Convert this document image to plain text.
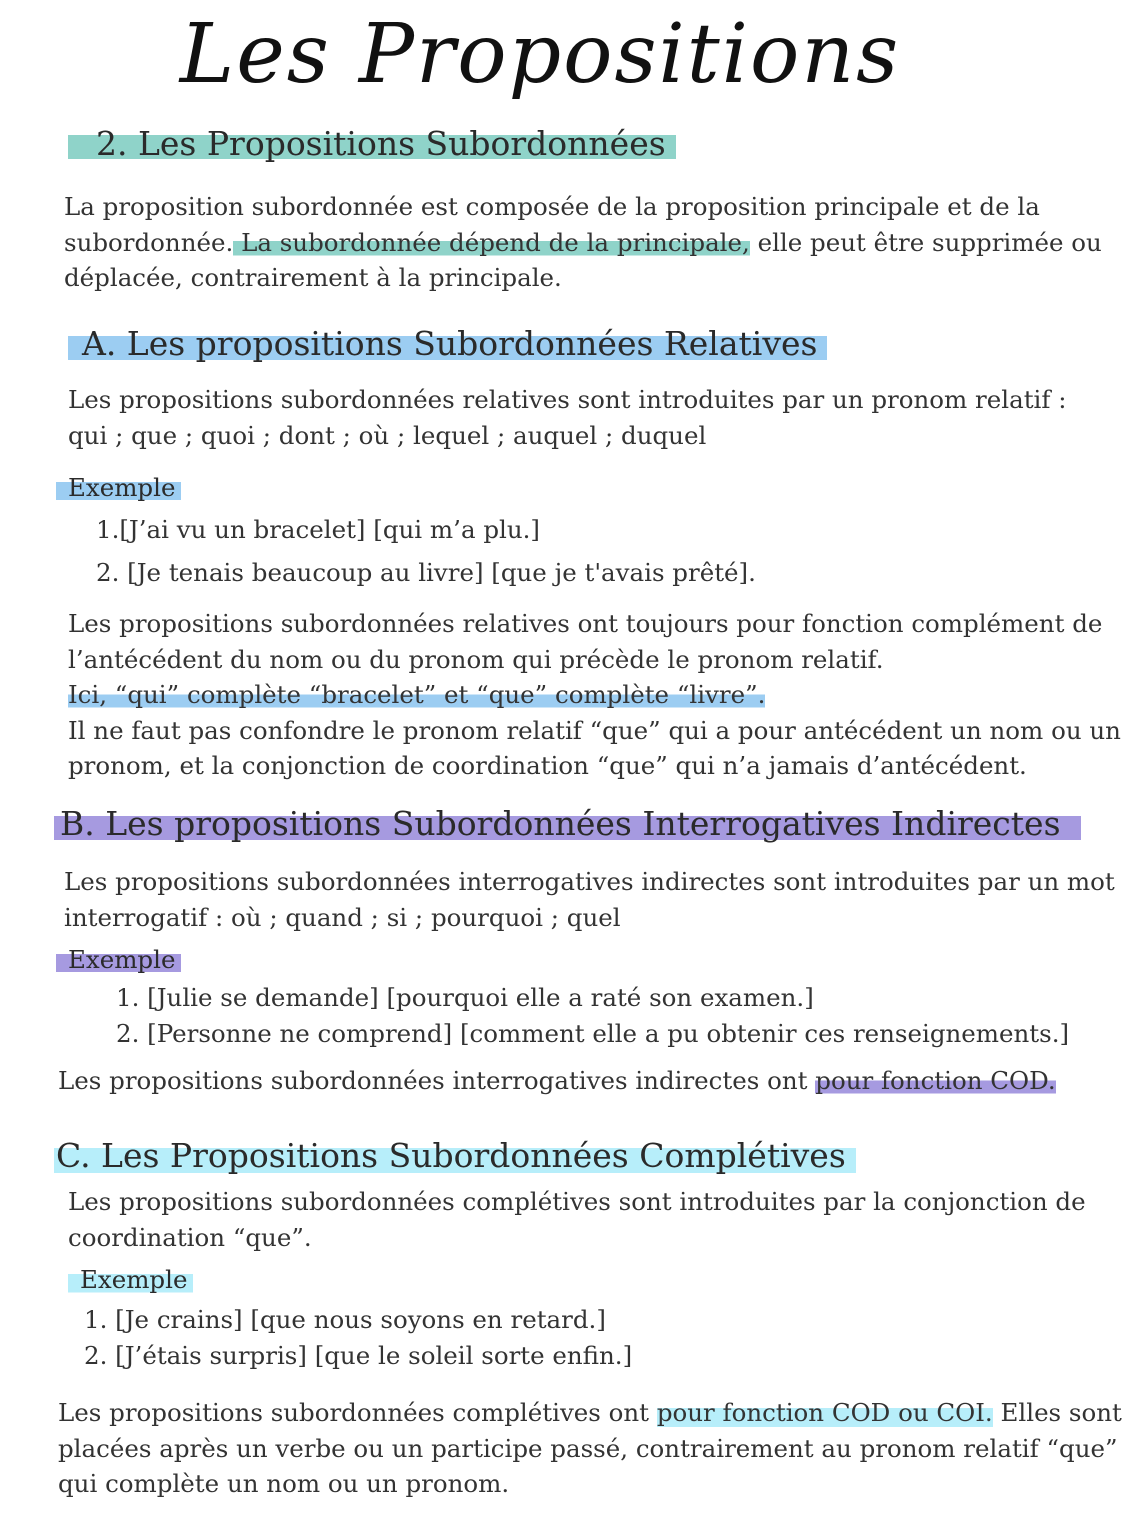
Les Propositions
2. Les Propositions Subordonnées
La proposition subordonnée est composée de la proposition principale et de la
subordonnée. La subordonnée dépend de la principale, elle peut être supprimée ou
déplacée, contrairement à la principale.
A. Les propositions Subordonnées Relatives
Les propositions subordonnées relatives sont introduites par un pronom relatif :
qui ; que ; quoi ; dont ; où ; lequel ; auquel ; duquel
Exemple
1.[J’ai vu un bracelet] [qui m’a plu.]
2. [Je tenais beaucoup au livre] [que je t'avais prêté].
Les propositions subordonnées relatives ont toujours pour fonction complément de
l’antécédent du nom ou du pronom qui précède le pronom relatif.
Ici, “qui” complète “bracelet” et “que” complète “livre”.
Il ne faut pas confondre le pronom relatif “que” qui a pour antécédent un nom ou un
pronom, et la conjonction de coordination “que” qui n’a jamais d’antécédent.
B. Les propositions Subordonnées Interrogatives Indirectes
Les propositions subordonnées interrogatives indirectes sont introduites par un mot
interrogatif : où ; quand ; si ; pourquoi ; quel
Exemple
1. [Julie se demande] [pourquoi elle a raté son examen.]
2. [Personne ne comprend] [comment elle a pu obtenir ces renseignements.]
Les propositions subordonnées interrogatives indirectes ont pour fonction COD.
C. Les Propositions Subordonnées Complétives
Les propositions subordonnées complétives sont introduites par la conjonction de
coordination “que”.
Exemple
1. [Je crains] [que nous soyons en retard.]
2. [J’étais surpris] [que le soleil sorte enfin.]
Les propositions subordonnées complétives ont pour fonction COD ou COI. Elles sont
placées après un verbe ou un participe passé, contrairement au pronom relatif “que”
qui complète un nom ou un pronom.
